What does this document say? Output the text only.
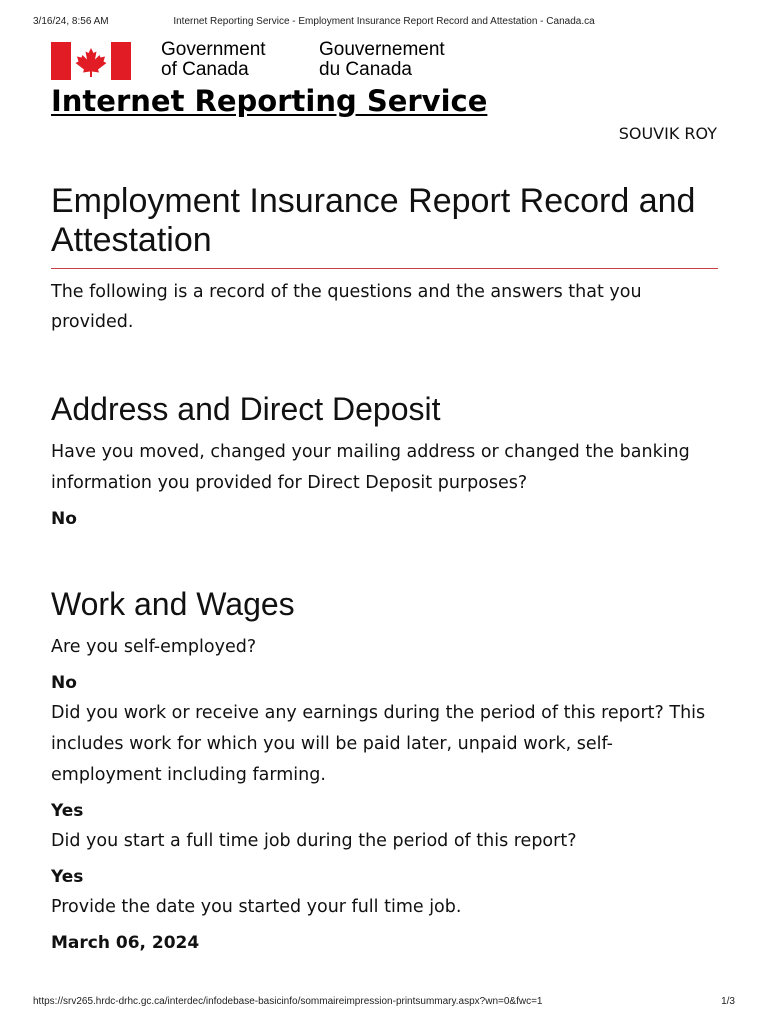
3/16/24, 8:56 AM	Internet Reporting Service - Employment Insurance Report Record and Attestation - Canada.ca
Government
of Canada
Gouvernement
du Canada
Internet Reporting Service
SOUVIK ROY
Employment Insurance Report Record and Attestation

The following is a record of the questions and the answers that you provided.

Address and Direct Deposit

Have you moved, changed your mailing address or changed the banking information you provided for Direct Deposit purposes?

No

Work and Wages

Are you self-employed?

No

Did you work or receive any earnings during the period of this report? This includes work for which you will be paid later, unpaid work, self-employment including farming.

Yes

Did you start a full time job during the period of this report?

Yes

Provide the date you started your full time job.

March 06, 2024

https://srv265.hrdc-drhc.gc.ca/interdec/infodebase-basicinfo/sommaireimpression-printsummary.aspx?wn=0&fwc=1	1/3
